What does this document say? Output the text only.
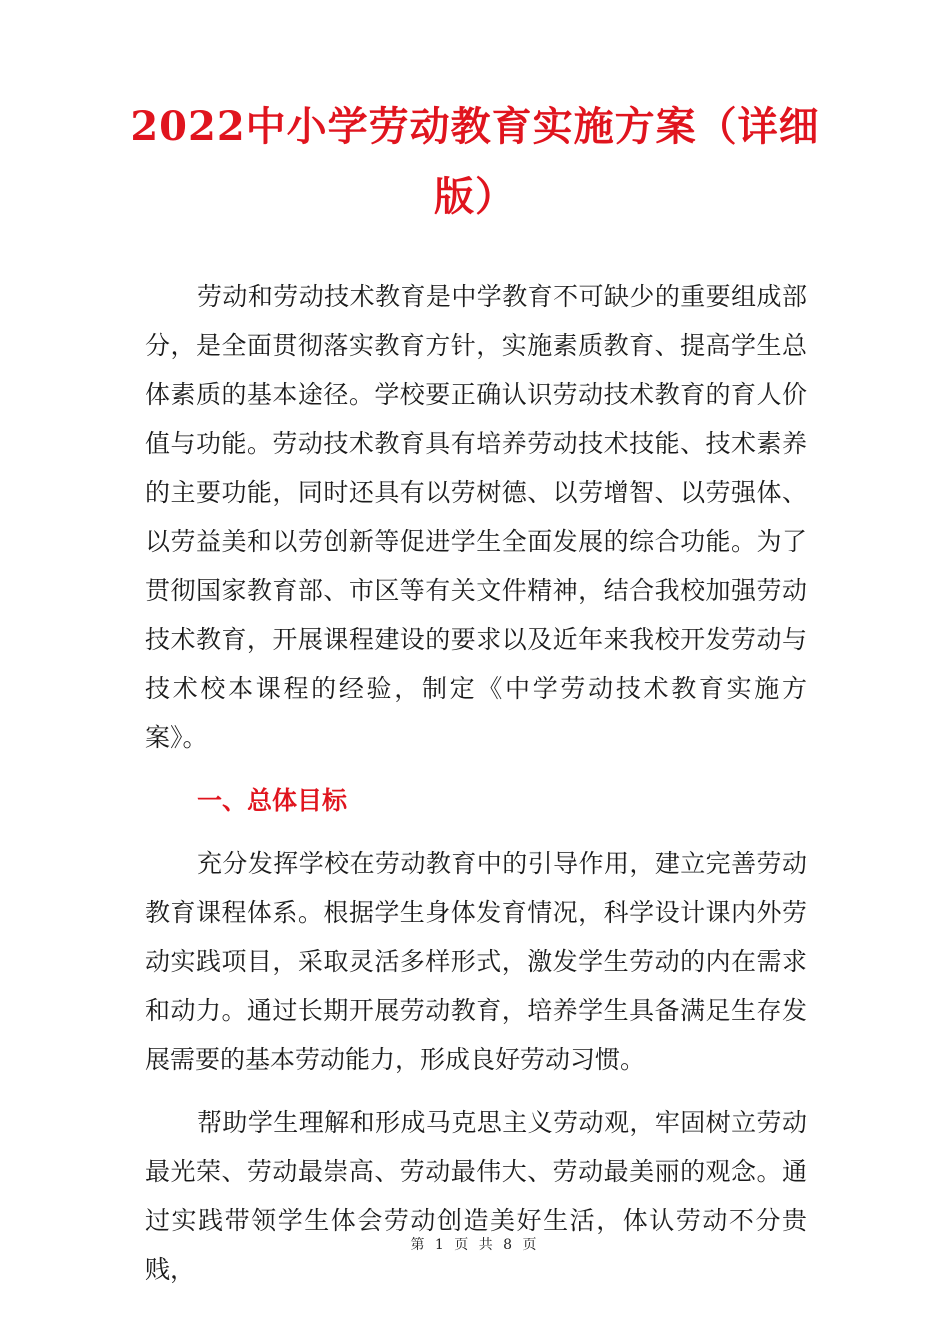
2022中小学劳动教育实施方案（详细版）

劳动和劳动技术教育是中学教育不可缺少的重要组成部分，是全面贯彻落实教育方针，实施素质教育、提高学生总体素质的基本途径。学校要正确认识劳动技术教育的育人价值与功能。劳动技术教育具有培养劳动技术技能、技术素养的主要功能，同时还具有以劳树德、以劳增智、以劳强体、以劳益美和以劳创新等促进学生全面发展的综合功能。为了贯彻国家教育部、市区等有关文件精神，结合我校加强劳动技术教育，开展课程建设的要求以及近年来我校开发劳动与技术校本课程的经验，制定《中学劳动技术教育实施方案》。

一、总体目标

充分发挥学校在劳动教育中的引导作用，建立完善劳动教育课程体系。根据学生身体发育情况，科学设计课内外劳动实践项目，采取灵活多样形式，激发学生劳动的内在需求和动力。通过长期开展劳动教育，培养学生具备满足生存发展需要的基本劳动能力，形成良好劳动习惯。

帮助学生理解和形成马克思主义劳动观，牢固树立劳动最光荣、劳动最崇高、劳动最伟大、劳动最美丽的观念。通过实践带领学生体会劳动创造美好生活，体认劳动不分贵贱，

第 1 页 共 8 页
